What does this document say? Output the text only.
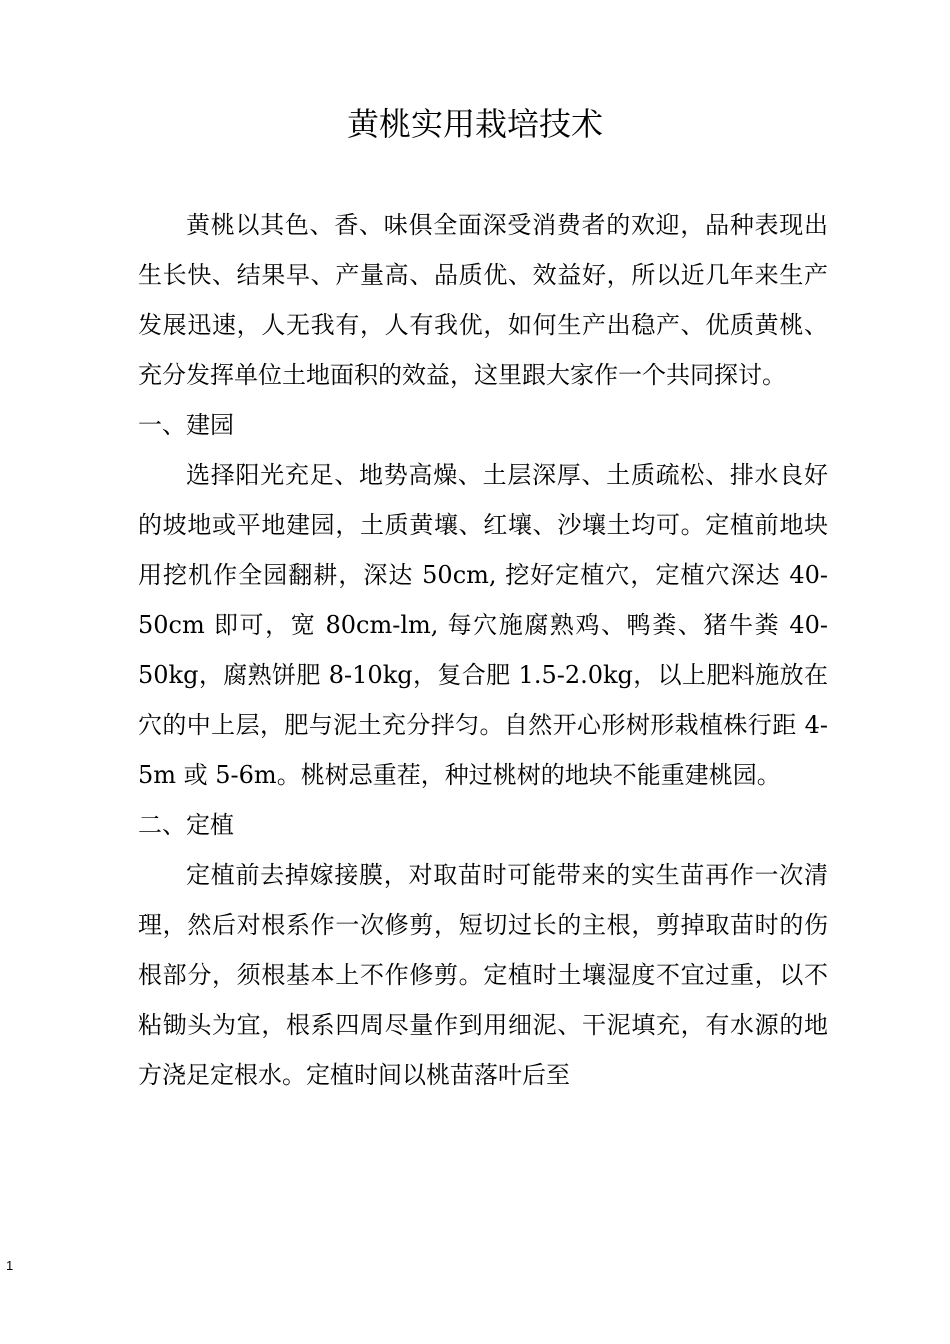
黄桃实用栽培技术

黄桃以其色、香、味俱全面深受消费者的欢迎，品种表现出生长快、结果早、产量高、品质优、效益好，所以近几年来生产发展迅速，人无我有，人有我优，如何生产出稳产、优质黄桃、充分发挥单位土地面积的效益，这里跟大家作一个共同探讨。

一、建园

选择阳光充足、地势高燥、土层深厚、土质疏松、排水良好的坡地或平地建园，土质黄壤、红壤、沙壤土均可。定植前地块用挖机作全园翻耕，深达 50cm, 挖好定植穴，定植穴深达 40-50cm 即可，宽 80cm-lm, 每穴施腐熟鸡、鸭粪、猪牛粪 40-50kg，腐熟饼肥 8-10kg，复合肥 1.5-2.0kg，以上肥料施放在穴的中上层，肥与泥土充分拌匀。自然开心形树形栽植株行距 4-5m 或 5-6m。桃树忌重茬，种过桃树的地块不能重建桃园。

二、定植

定植前去掉嫁接膜，对取苗时可能带来的实生苗再作一次清理，然后对根系作一次修剪，短切过长的主根，剪掉取苗时的伤根部分，须根基本上不作修剪。定植时土壤湿度不宜过重，以不粘锄头为宜，根系四周尽量作到用细泥、干泥填充，有水源的地方浇足定根水。定植时间以桃苗落叶后至

1
